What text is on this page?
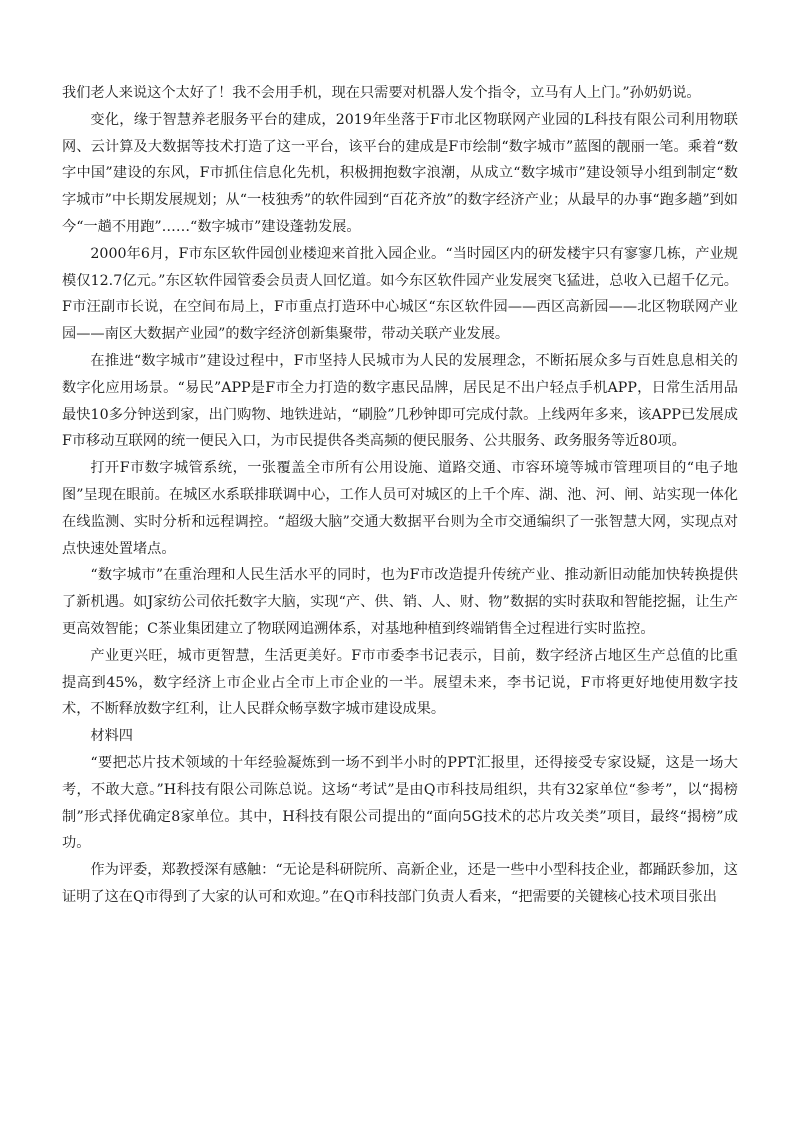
我们老人来说这个太好了！我不会用手机，现在只需要对机器人发个指令，立马有人上门。”孙奶奶说。

变化，缘于智慧养老服务平台的建成，2019年坐落于F市北区物联网产业园的L科技有限公司利用物联网、云计算及大数据等技术打造了这一平台，该平台的建成是F市绘制“数字城市”蓝图的靓丽一笔。乘着“数字中国”建设的东风，F市抓住信息化先机，积极拥抱数字浪潮，从成立“数字城市”建设领导小组到制定“数字城市”中长期发展规划；从“一枝独秀”的软件园到“百花齐放”的数字经济产业；从最早的办事“跑多趟”到如今“一趟不用跑”……“数字城市”建设蓬勃发展。

2000年6月，F市东区软件园创业楼迎来首批入园企业。“当时园区内的研发楼宇只有寥寥几栋，产业规模仅12.7亿元。”东区软件园管委会员责人回忆道。如今东区软件园产业发展突飞猛进，总收入已超千亿元。F市汪副市长说，在空间布局上，F市重点打造环中心城区“东区软件园——西区高新园——北区物联网产业园——南区大数据产业园”的数字经济创新集聚带，带动关联产业发展。

在推进“数字城市”建设过程中，F市坚持人民城市为人民的发展理念，不断拓展众多与百姓息息相关的数字化应用场景。“易民”APP是F市全力打造的数字惠民品牌，居民足不出户轻点手机APP，日常生活用品最快10多分钟送到家，出门购物、地铁进站，“刷脸”几秒钟即可完成付款。上线两年多来，该APP已发展成F市移动互联网的统一便民入口，为市民提供各类高频的便民服务、公共服务、政务服务等近80项。

打开F市数字城管系统，一张覆盖全市所有公用设施、道路交通、市容环境等城市管理项目的“电子地图”呈现在眼前。在城区水系联排联调中心，工作人员可对城区的上千个库、湖、池、河、闸、站实现一体化在线监测、实时分析和远程调控。“超级大脑”交通大数据平台则为全市交通编织了一张智慧大网，实现点对点快速处置堵点。

“数字城市”在重治理和人民生活水平的同时，也为F市改造提升传统产业、推动新旧动能加快转换提供了新机遇。如J家纺公司依托数字大脑，实现“产、供、销、人、财、物”数据的实时获取和智能挖掘，让生产更高效智能；C茶业集团建立了物联网追溯体系，对基地种植到终端销售全过程进行实时监控。

产业更兴旺，城市更智慧，生活更美好。F市市委李书记表示，目前，数字经济占地区生产总值的比重提高到45%，数字经济上市企业占全市上市企业的一半。展望未来，李书记说，F市将更好地使用数字技术，不断释放数字红利，让人民群众畅享数字城市建设成果。

材料四

“要把芯片技术领域的十年经验凝炼到一场不到半小时的PPT汇报里，还得接受专家设疑，这是一场大考，不敢大意。”H科技有限公司陈总说。这场“考试”是由Q市科技局组织，共有32家单位“参考”，以“揭榜制”形式择优确定8家单位。其中，H科技有限公司提出的“面向5G技术的芯片攻关类”项目，最终“揭榜”成功。

作为评委，郑教授深有感触：“无论是科研院所、高新企业，还是一些中小型科技企业，都踊跃参加，这证明了这在Q市得到了大家的认可和欢迎。”在Q市科技部门负责人看来，“把需要的关键核心技术项目张出
